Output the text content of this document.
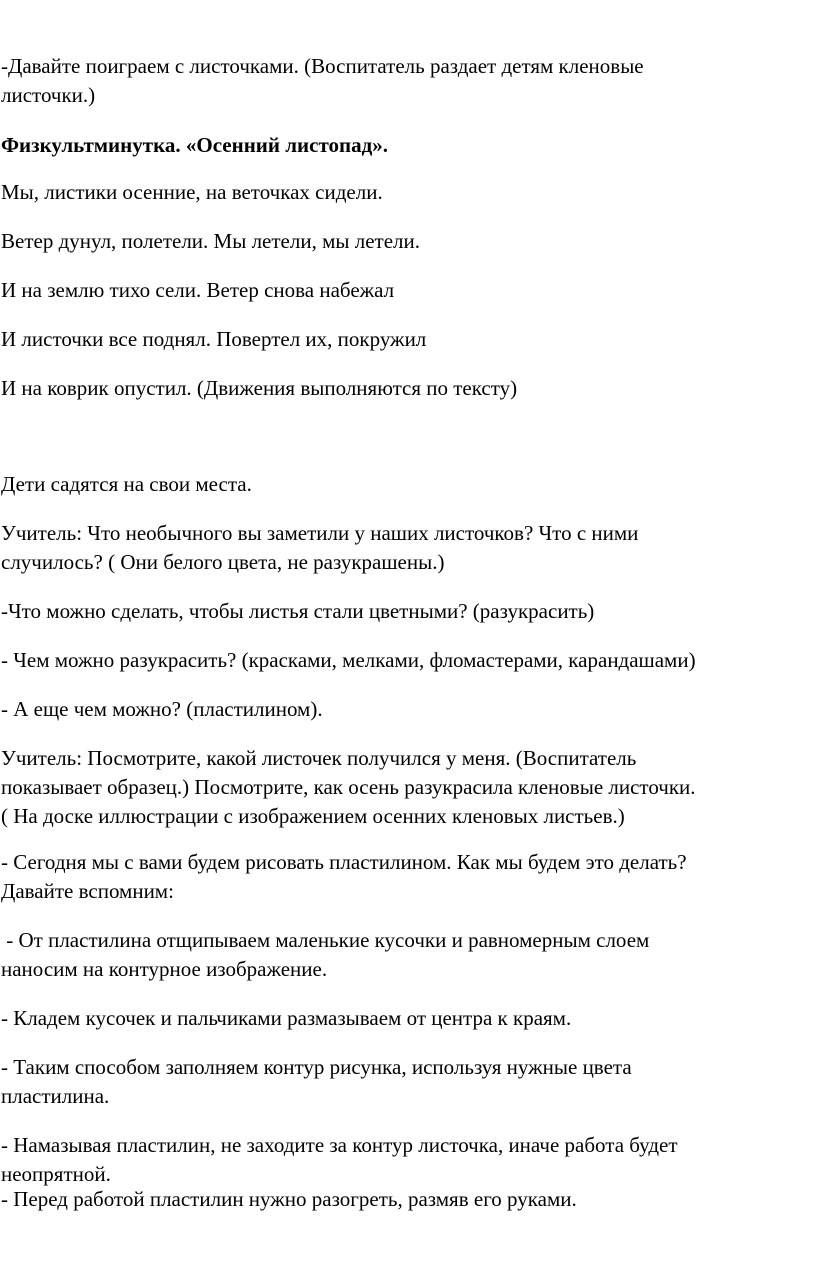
-Давайте поиграем с листочками. (Воспитатель раздает детям кленовые
листочки.)
Физкультминутка. «Осенний листопад».
Мы, листики осенние, на веточках сидели.
Ветер дунул, полетели. Мы летели, мы летели.
И на землю тихо сели. Ветер снова набежал
И листочки все поднял. Повертел их, покружил
И на коврик опустил. (Движения выполняются по тексту)
Дети садятся на свои места.
Учитель: Что необычного вы заметили у наших листочков? Что с ними
случилось? ( Они белого цвета, не разукрашены.)
-Что можно сделать, чтобы листья стали цветными? (разукрасить)
- Чем можно разукрасить? (красками, мелками, фломастерами, карандашами)
- А еще чем можно? (пластилином).
Учитель: Посмотрите, какой листочек получился у меня. (Воспитатель
показывает образец.) Посмотрите, как осень разукрасила кленовые листочки.
( На доске иллюстрации с изображением осенних кленовых листьев.)
- Сегодня мы с вами будем рисовать пластилином. Как мы будем это делать?
Давайте вспомним:
- От пластилина отщипываем маленькие кусочки и равномерным слоем
наносим на контурное изображение.
- Кладем кусочек и пальчиками размазываем от центра к краям.
- Таким способом заполняем контур рисунка, используя нужные цвета
пластилина.
- Намазывая пластилин, не заходите за контур листочка, иначе работа будет
неопрятной.
- Перед работой пластилин нужно разогреть, размяв его руками.
